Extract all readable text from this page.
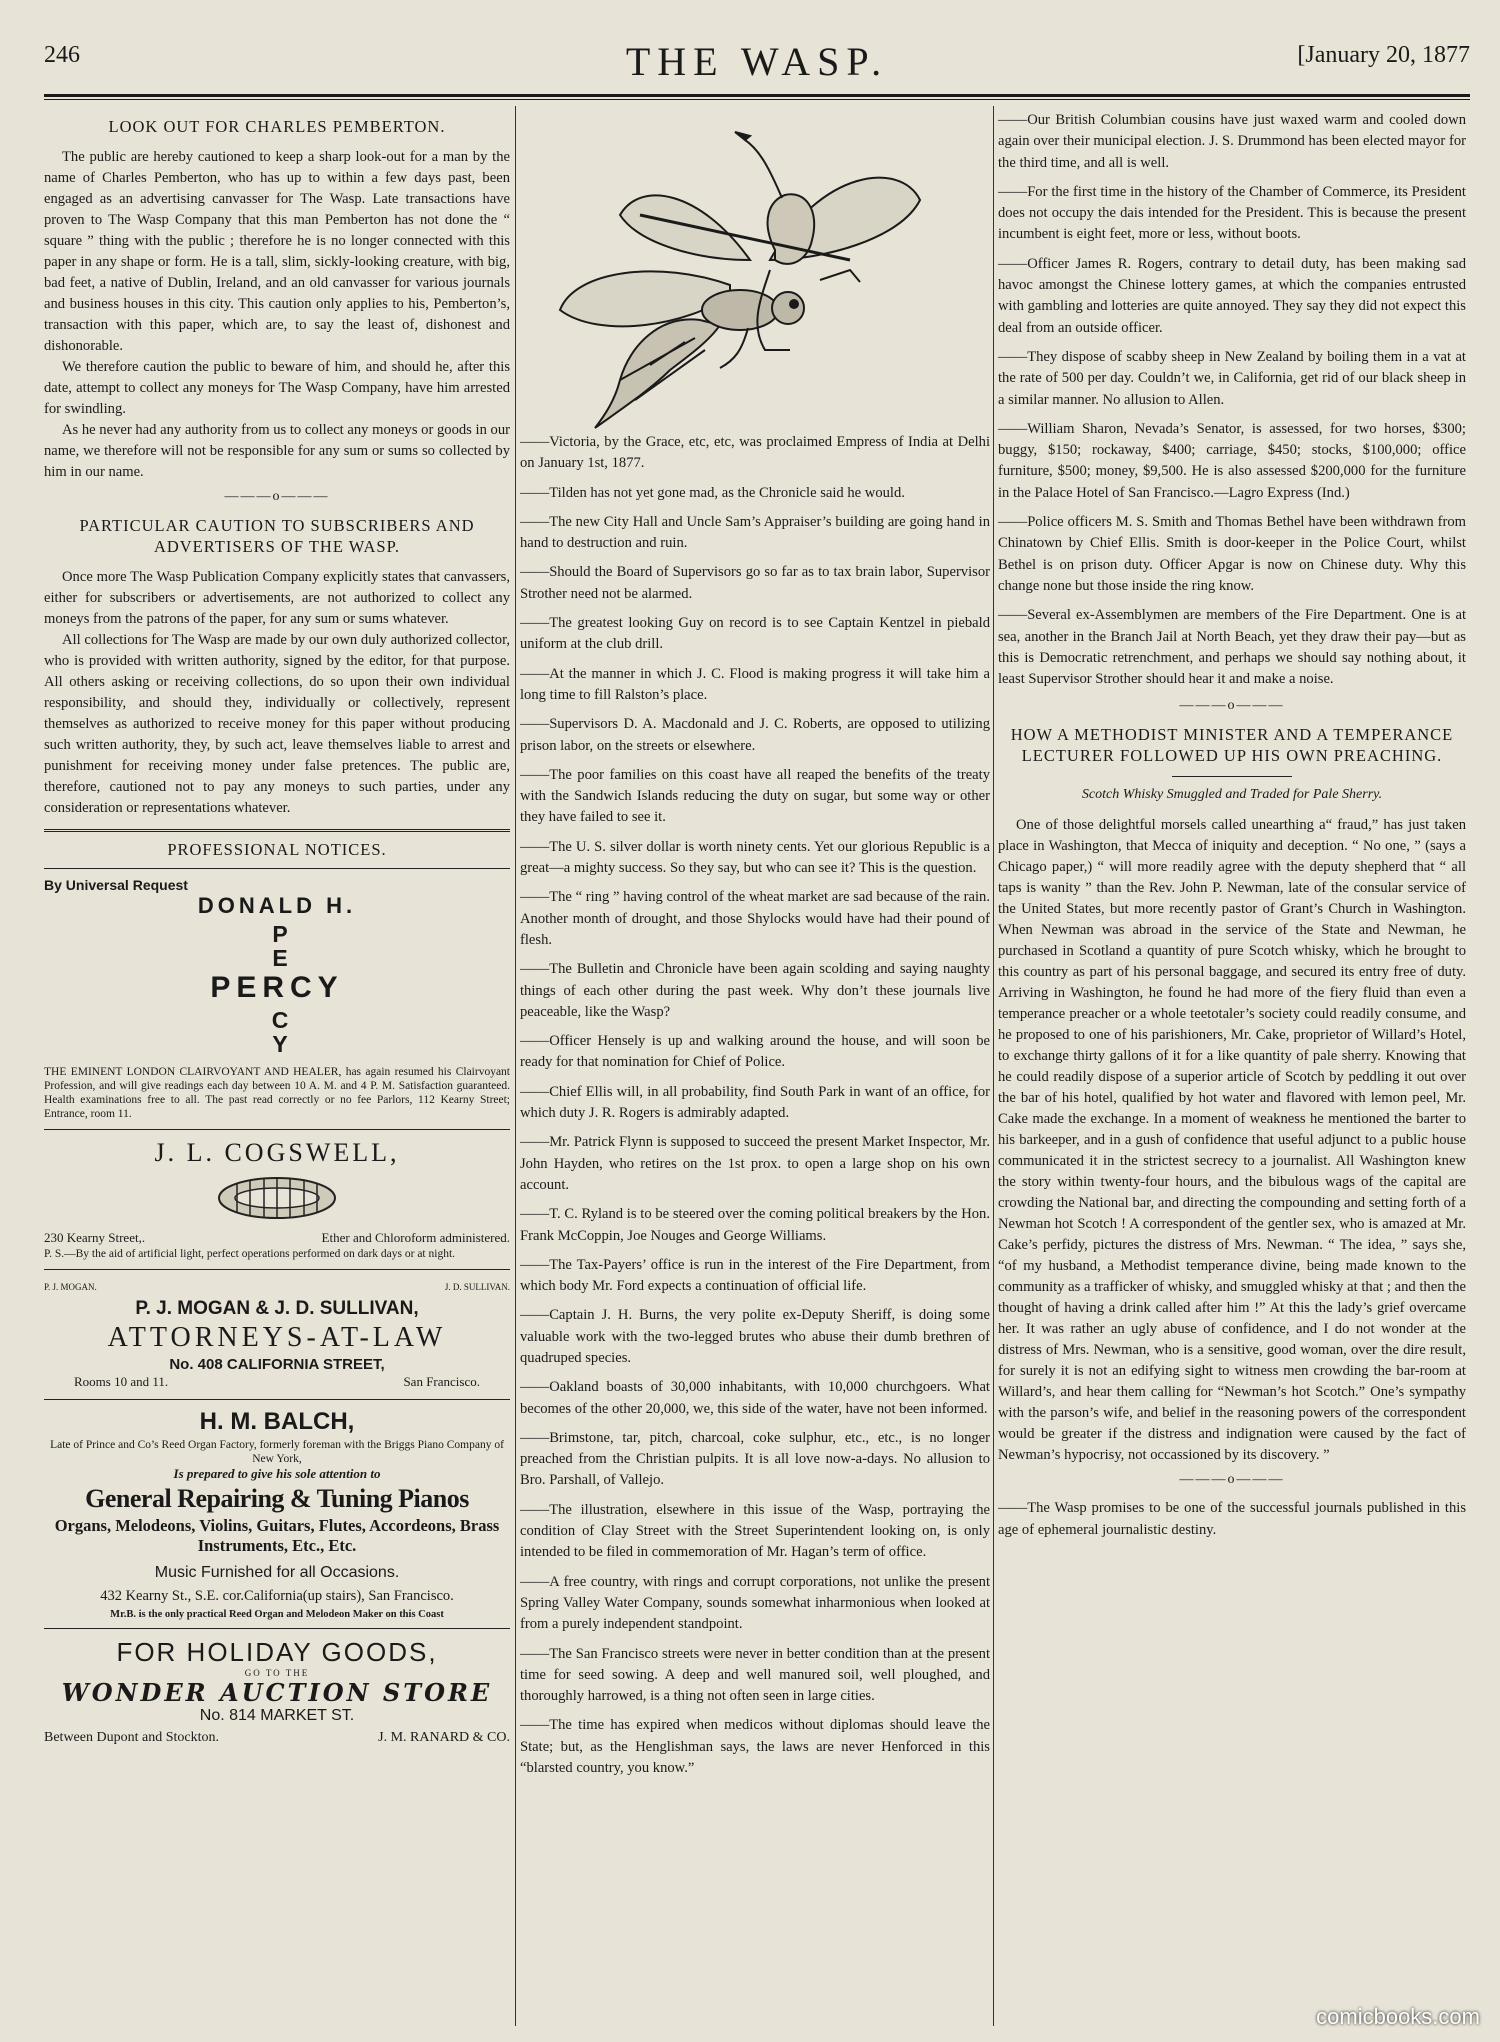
246	THE WASP.	[January 20, 1877
LOOK OUT FOR CHARLES PEMBERTON.

The public are hereby cautioned to keep a sharp look-out for a man by the name of Charles Pemberton, who has up to within a few days past, been engaged as an advertising canvasser for The Wasp. Late transactions have proven to The Wasp Company that this man Pemberton has not done the “ square ” thing with the public ; therefore he is no longer connected with this paper in any shape or form. He is a tall, slim, sickly-looking creature, with big, bad feet, a native of Dublin, Ireland, and an old canvasser for various journals and business houses in this city. This caution only applies to his, Pemberton’s, transaction with this paper, which are, to say the least of, dishonest and dishonorable.

We therefore caution the public to beware of him, and should he, after this date, attempt to collect any moneys for The Wasp Company, have him arrested for swindling.

As he never had any authority from us to collect any moneys or goods in our name, we therefore will not be responsible for any sum or sums so collected by him in our name.

———o———
PARTICULAR CAUTION TO SUBSCRIBERS AND ADVERTISERS OF THE WASP.

Once more The Wasp Publication Company explicitly states that canvassers, either for subscribers or advertisements, are not authorized to collect any moneys from the patrons of the paper, for any sum or sums whatever.

All collections for The Wasp are made by our own duly authorized collector, who is provided with written authority, signed by the editor, for that purpose. All others asking or receiving collections, do so upon their own individual responsibility, and should they, individually or collectively, represent themselves as authorized to receive money for this paper without producing such written authority, they, by such act, leave themselves liable to arrest and punishment for receiving money under false pretences. The public are, therefore, cautioned not to pay any moneys to such parties, under any consideration or representations whatever.

PROFESSIONAL NOTICES.
By Universal Request
DONALD H.
P
E
PERCY
C
Y
THE EMINENT LONDON CLAIRVOYANT AND HEALER, has again resumed his Clairvoyant Profession, and will give readings each day between 10 A. M. and 4 P. M. Satisfaction guaranteed. Health examinations free to all. The past read correctly or no fee Parlors, 112 Kearny Street; Entrance, room 11.
J. L. COGSWELL,
230 Kearny Street,.	Ether and Chloroform administered.
P. S.—By the aid of artificial light, perfect operations performed on dark days or at night.
P. J. MOGAN.	J. D. SULLIVAN.
P. J. MOGAN & J. D. SULLIVAN,
ATTORNEYS-AT-LAW
No. 408 CALIFORNIA STREET,
Rooms 10 and 11.	San Francisco.
H. M. BALCH,
Late of Prince and Co’s Reed Organ Factory, formerly foreman with the Briggs Piano Company of New York,
Is prepared to give his sole attention to
General Repairing & Tuning Pianos
Organs, Melodeons, Violins, Guitars, Flutes, Accordeons, Brass Instruments, Etc., Etc.
Music Furnished for all Occasions.
432 Kearny St., S.E. cor.California(up stairs), San Francisco.
Mr.B. is the only practical Reed Organ and Melodeon Maker on this Coast
FOR HOLIDAY GOODS,
GO TO THE
WONDER AUCTION STORE
No. 814 MARKET ST.
Between Dupont and Stockton.	J. M. RANARD & CO.
——Victoria, by the Grace, etc, etc, was proclaimed Empress of India at Delhi on January 1st, 1877.
——Tilden has not yet gone mad, as the Chronicle said he would.
——The new City Hall and Uncle Sam’s Appraiser’s building are going hand in hand to destruction and ruin.
——Should the Board of Supervisors go so far as to tax brain labor, Supervisor Strother need not be alarmed.
——The greatest looking Guy on record is to see Captain Kentzel in piebald uniform at the club drill.
——At the manner in which J. C. Flood is making progress it will take him a long time to fill Ralston’s place.
——Supervisors D. A. Macdonald and J. C. Roberts, are opposed to utilizing prison labor, on the streets or elsewhere.
——The poor families on this coast have all reaped the benefits of the treaty with the Sandwich Islands reducing the duty on sugar, but some way or other they have failed to see it.
——The U. S. silver dollar is worth ninety cents. Yet our glorious Republic is a great—a mighty success. So they say, but who can see it? This is the question.
——The “ ring ” having control of the wheat market are sad because of the rain. Another month of drought, and those Shylocks would have had their pound of flesh.
——The Bulletin and Chronicle have been again scolding and saying naughty things of each other during the past week. Why don’t these journals live peaceable, like the Wasp?
——Officer Hensely is up and walking around the house, and will soon be ready for that nomination for Chief of Police.
——Chief Ellis will, in all probability, find South Park in want of an office, for which duty J. R. Rogers is admirably adapted.
——Mr. Patrick Flynn is supposed to succeed the present Market Inspector, Mr. John Hayden, who retires on the 1st prox. to open a large shop on his own account.
——T. C. Ryland is to be steered over the coming political breakers by the Hon. Frank McCoppin, Joe Nouges and George Williams.
——The Tax-Payers’ office is run in the interest of the Fire Department, from which body Mr. Ford expects a continuation of official life.
——Captain J. H. Burns, the very polite ex-Deputy Sheriff, is doing some valuable work with the two-legged brutes who abuse their dumb brethren of quadruped species.
——Oakland boasts of 30,000 inhabitants, with 10,000 churchgoers. What becomes of the other 20,000, we, this side of the water, have not been informed.
——Brimstone, tar, pitch, charcoal, coke sulphur, etc., etc., is no longer preached from the Christian pulpits. It is all love now-a-days. No allusion to Bro. Parshall, of Vallejo.
——The illustration, elsewhere in this issue of the Wasp, portraying the condition of Clay Street with the Street Superintendent looking on, is only intended to be filed in commemoration of Mr. Hagan’s term of office.
——A free country, with rings and corrupt corporations, not unlike the present Spring Valley Water Company, sounds somewhat inharmonious when looked at from a purely independent standpoint.
——The San Francisco streets were never in better condition than at the present time for seed sowing. A deep and well manured soil, well ploughed, and thoroughly harrowed, is a thing not often seen in large cities.
——The time has expired when medicos without diplomas should leave the State; but, as the Henglishman says, the laws are never Henforced in this “blarsted country, you know.”
——Our British Columbian cousins have just waxed warm and cooled down again over their municipal election. J. S. Drummond has been elected mayor for the third time, and all is well.
——For the first time in the history of the Chamber of Commerce, its President does not occupy the dais intended for the President. This is because the present incumbent is eight feet, more or less, without boots.
——Officer James R. Rogers, contrary to detail duty, has been making sad havoc amongst the Chinese lottery games, at which the companies entrusted with gambling and lotteries are quite annoyed. They say they did not expect this deal from an outside officer.
——They dispose of scabby sheep in New Zealand by boiling them in a vat at the rate of 500 per day. Couldn’t we, in California, get rid of our black sheep in a similar manner. No allusion to Allen.
——William Sharon, Nevada’s Senator, is assessed, for two horses, $300; buggy, $150; rockaway, $400; carriage, $450; stocks, $100,000; office furniture, $500; money, $9,500. He is also assessed $200,000 for the furniture in the Palace Hotel of San Francisco.—Lagro Express (Ind.)
——Police officers M. S. Smith and Thomas Bethel have been withdrawn from Chinatown by Chief Ellis. Smith is door-keeper in the Police Court, whilst Bethel is on prison duty. Officer Apgar is now on Chinese duty. Why this change none but those inside the ring know.
——Several ex-Assemblymen are members of the Fire Department. One is at sea, another in the Branch Jail at North Beach, yet they draw their pay—but as this is Democratic retrenchment, and perhaps we should say nothing about, it least Supervisor Strother should hear it and make a noise.
———o———
HOW A METHODIST MINISTER AND A TEMPERANCE LECTURER FOLLOWED UP HIS OWN PREACHING.
Scotch Whisky Smuggled and Traded for Pale Sherry.

One of those delightful morsels called unearthing a“ fraud,” has just taken place in Washington, that Mecca of iniquity and deception. “ No one, ” (says a Chicago paper,) “ will more readily agree with the deputy shepherd that “ all taps is wanity ” than the Rev. John P. Newman, late of the consular service of the United States, but more recently pastor of Grant’s Church in Washington. When Newman was abroad in the service of the State and Newman, he purchased in Scotland a quantity of pure Scotch whisky, which he brought to this country as part of his personal baggage, and secured its entry free of duty. Arriving in Washington, he found he had more of the fiery fluid than even a temperance preacher or a whole teetotaler’s society could readily consume, and he proposed to one of his parishioners, Mr. Cake, proprietor of Willard’s Hotel, to exchange thirty gallons of it for a like quantity of pale sherry. Knowing that he could readily dispose of a superior article of Scotch by peddling it out over the bar of his hotel, qualified by hot water and flavored with lemon peel, Mr. Cake made the exchange. In a moment of weakness he mentioned the barter to his barkeeper, and in a gush of confidence that useful adjunct to a public house communicated it in the strictest secrecy to a journalist. All Washington knew the story within twenty-four hours, and the bibulous wags of the capital are crowding the National bar, and directing the compounding and setting forth of a Newman hot Scotch ! A correspondent of the gentler sex, who is amazed at Mr. Cake’s perfidy, pictures the distress of Mrs. Newman. “ The idea, ” says she, “of my husband, a Methodist temperance divine, being made known to the community as a trafficker of whisky, and smuggled whisky at that ; and then the thought of having a drink called after him !” At this the lady’s grief overcame her. It was rather an ugly abuse of confidence, and I do not wonder at the distress of Mrs. Newman, who is a sensitive, good woman, over the dire result, for surely it is not an edifying sight to witness men crowding the bar-room at Willard’s, and hear them calling for “Newman’s hot Scotch.” One’s sympathy with the parson’s wife, and belief in the reasoning powers of the correspondent would be greater if the distress and indignation were caused by the fact of Newman’s hypocrisy, not occassioned by its discovery. ”

———o———
——The Wasp promises to be one of the successful journals published in this age of ephemeral journalistic destiny.
comicbooks.com
